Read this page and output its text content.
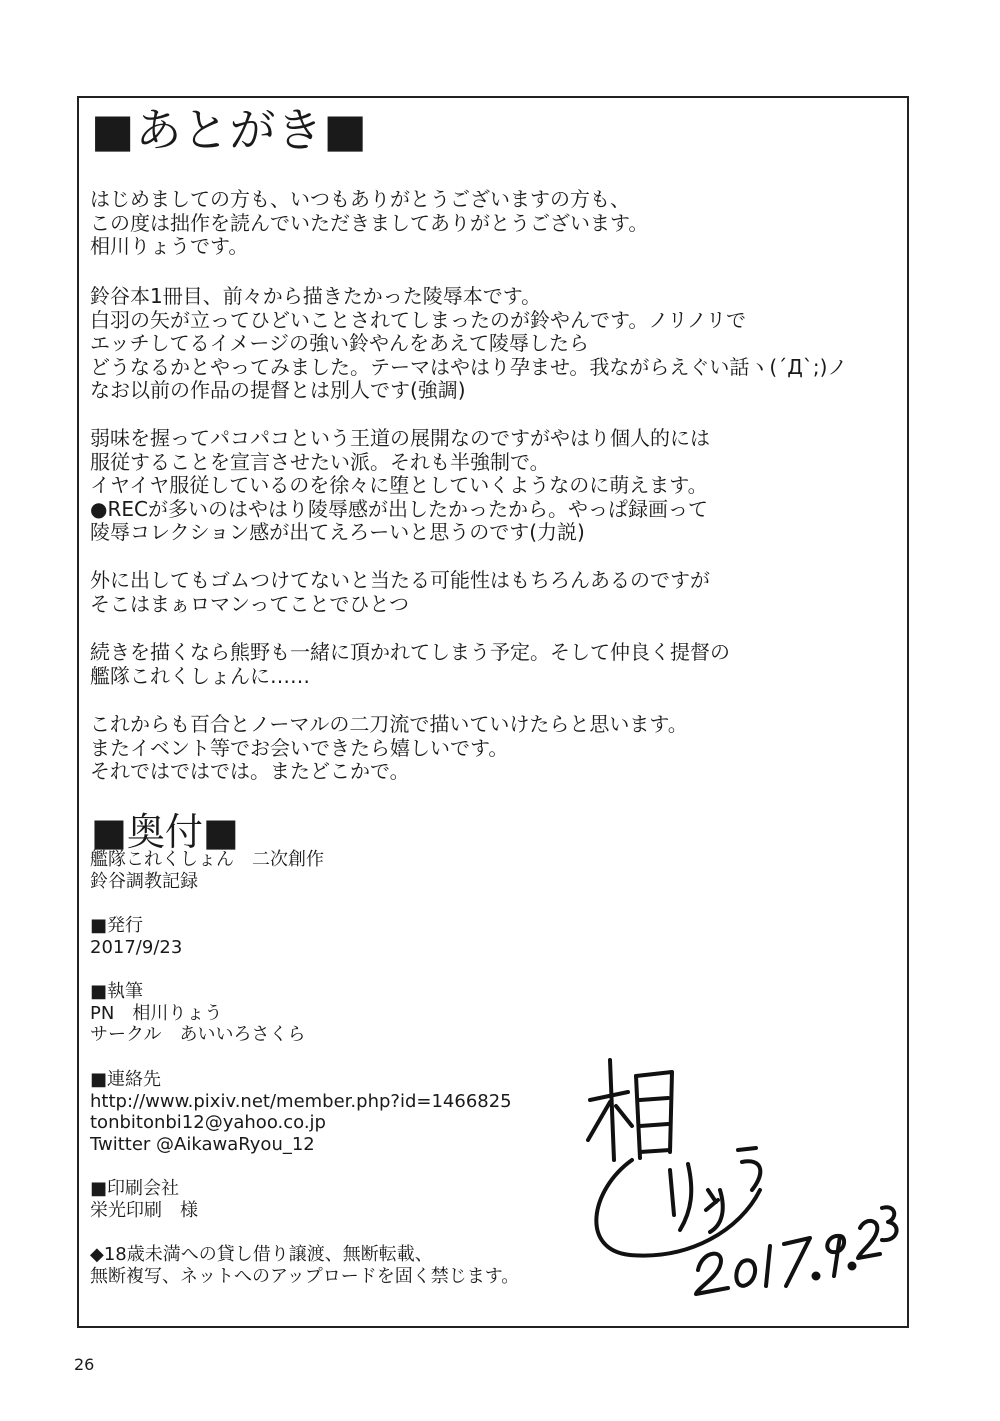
■あとがき■
はじめましての方も、いつもありがとうございますの方も、
この度は拙作を読んでいただきましてありがとうございます。
相川りょうです。
鈴谷本1冊目、前々から描きたかった陵辱本です。
白羽の矢が立ってひどいことされてしまったのが鈴やんです。ノリノリで
エッチしてるイメージの強い鈴やんをあえて陵辱したら
どうなるかとやってみました。テーマはやはり孕ませ。我ながらえぐい話ヽ(´Д`;)ノ
なお以前の作品の提督とは別人です(強調)
弱味を握ってパコパコという王道の展開なのですがやはり個人的には
服従することを宣言させたい派。それも半強制で。
イヤイヤ服従しているのを徐々に堕としていくようなのに萌えます。
●RECが多いのはやはり陵辱感が出したかったから。やっぱ録画って
陵辱コレクション感が出てえろーいと思うのです(力説)
外に出してもゴムつけてないと当たる可能性はもちろんあるのですが
そこはまぁロマンってことでひとつ
続きを描くなら熊野も一緒に頂かれてしまう予定。そして仲良く提督の
艦隊これくしょんに……
これからも百合とノーマルの二刀流で描いていけたらと思います。
またイベント等でお会いできたら嬉しいです。
それではではでは。またどこかで。
■奥付■
艦隊これくしょん　二次創作
鈴谷調教記録
■発行
2017/9/23
■執筆
PN　相川りょう
サークル　あいいろさくら
■連絡先
http://www.pixiv.net/member.php?id=1466825
tonbitonbi12@yahoo.co.jp
Twitter @AikawaRyou_12
■印刷会社
栄光印刷　様
◆18歳未満への貸し借り譲渡、無断転載、
無断複写、ネットへのアップロードを固く禁じます。
26
